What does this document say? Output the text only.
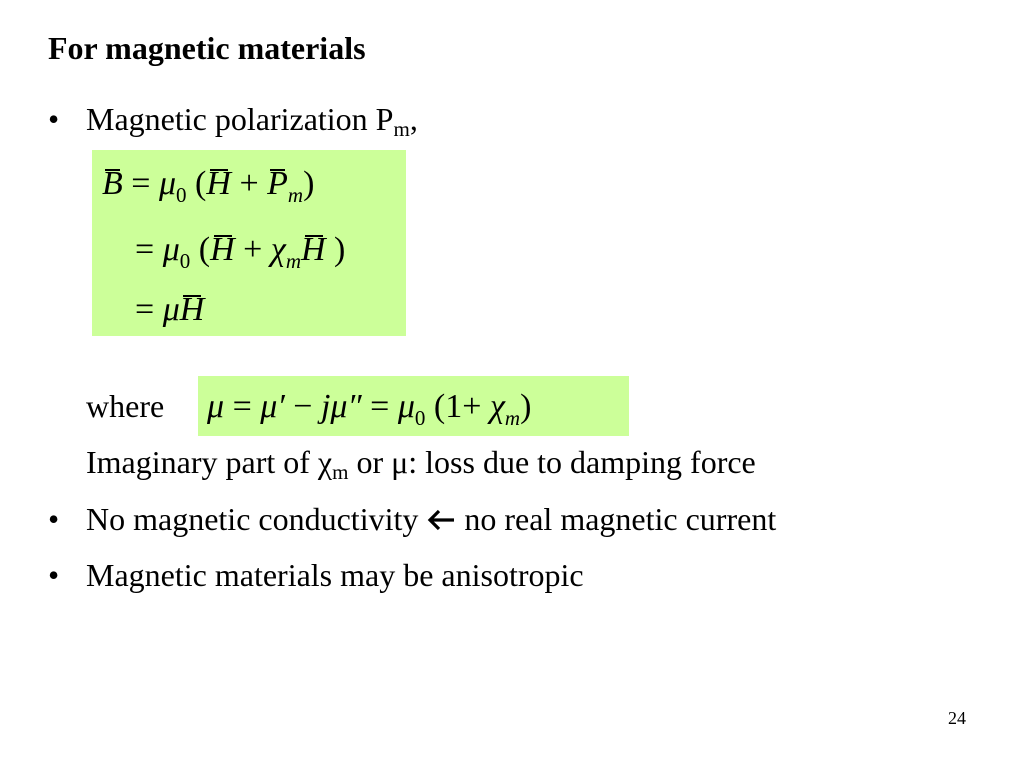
For magnetic materials
• Magnetic polarization $P_m$,
$B = \mu_0$ $(H + P_m)$
= $\mu_0$ ($H + \chi_mH$ )
= μH
where $\mu = \mu' - j\mu'' = \mu_0$ $(1+ \chi_m)$
Imaginary part of $\chi_m$ or μ: loss due to damping force
• No magnetic conductivity  no real magnetic current
• Magnetic materials may be anisotropic
24
